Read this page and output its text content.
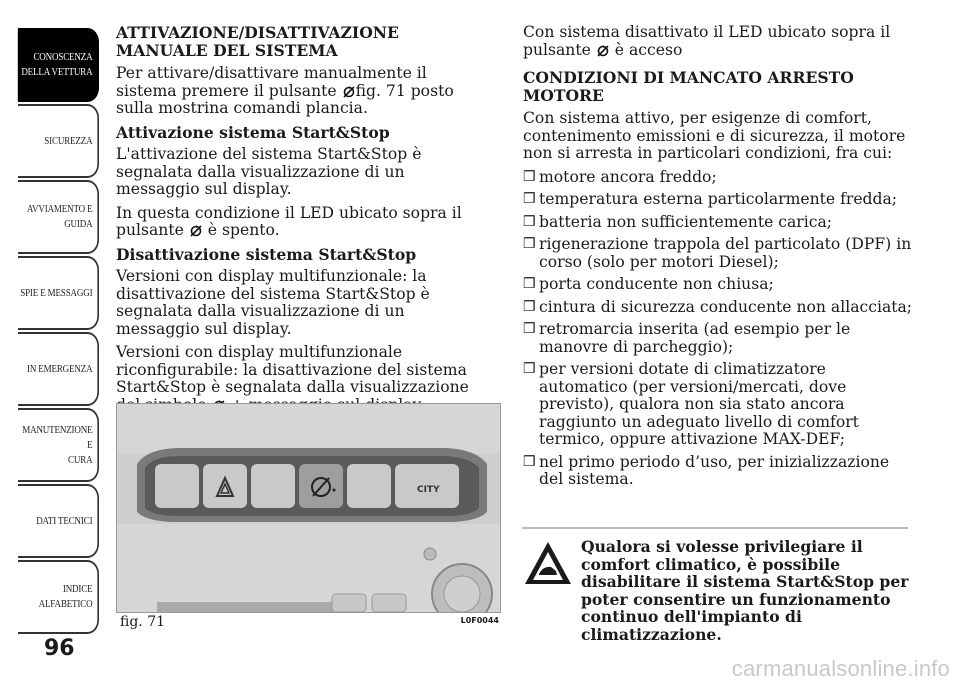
CONOSCENZA
DELLA VETTURA
SICUREZZA
AVVIAMENTO E
GUIDA
SPIE E MESSAGGI
IN EMERGENZA
MANUTENZIONE E
CURA
DATI TECNICI
INDICE
ALFABETICO
96
ATTIVAZIONE/DISATTIVAZIONE MANUALE DEL SISTEMA

Per attivare/disattivare manualmente il sistema premere il pulsante fig. 71 posto sulla mostrina comandi plancia.

Attivazione sistema Start&Stop

L'attivazione del sistema Start&Stop è segnalata dalla visualizzazione di un messaggio sul display.

In questa condizione il LED ubicato sopra il pulsante è spento.

Disattivazione sistema Start&Stop

Versioni con display multifunzionale: la disattivazione del sistema Start&Stop è segnalata dalla visualizzazione di un messaggio sul display.

Versioni con display multifunzionale riconfigurabile: la disattivazione del sistema Start&Stop è segnalata dalla visualizzazione

CITY
fig. 71	L0F0044

Con sistema disattivato il LED ubicato sopra il pulsante è acceso

CONDIZIONI DI MANCATO ARRESTO MOTORE

Con sistema attivo, per esigenze di comfort, contenimento emissioni e di sicurezza, il motore non si arresta in particolari condizioni, fra cui:

❒ motore ancora freddo;
❒ temperatura esterna particolarmente fredda;
❒ batteria non sufficientemente carica;
❒ rigenerazione trappola del particolato (DPF) in corso (solo per motori Diesel);
❒ porta conducente non chiusa;
❒ cintura di sicurezza conducente non allacciata;
❒ retromarcia inserita (ad esempio per le manovre di parcheggio);
❒ per versioni dotate di climatizzatore automatico (per versioni/mercati, dove previsto), qualora non sia stato ancora raggiunto un adeguato livello di comfort termico, oppure attivazione MAX-DEF;
❒ nel primo periodo d’uso, per inizializzazione del sistema.
Qualora si volesse privilegiare il comfort climatico, è possibile disabilitare il sistema Start&Stop per poter consentire un funzionamento continuo dell'impianto di climatizzazione.
carmanualsonline.info
